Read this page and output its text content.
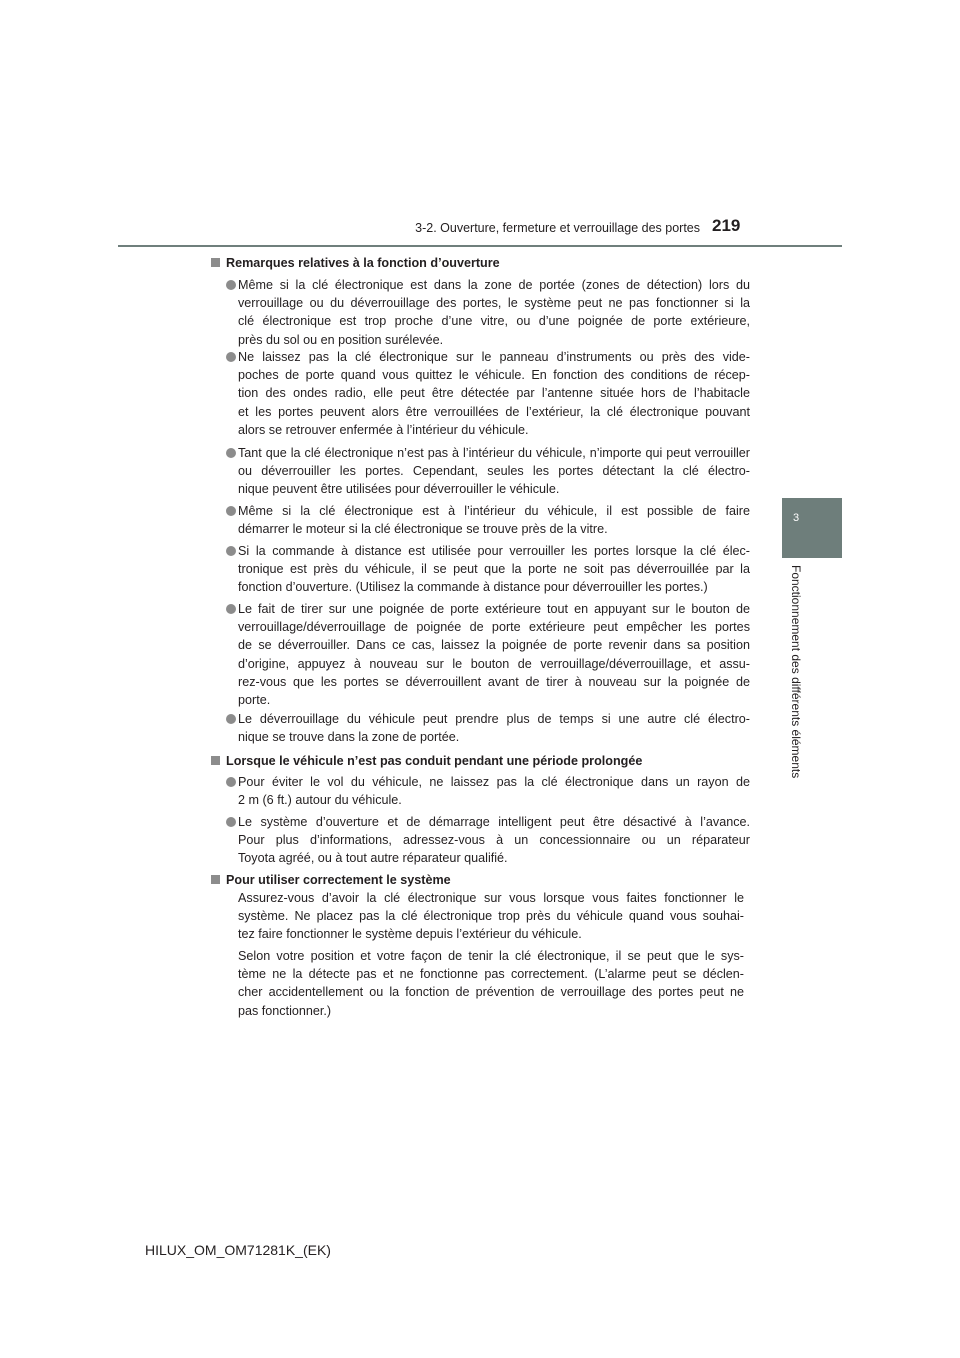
3-2. Ouverture, fermeture et verrouillage des portes 219
3
Fonctionnement des différents éléments
Remarques relatives à la fonction d’ouverture
Même si la clé électronique est dans la zone de portée (zones de détection) lors du
verrouillage ou du déverrouillage des portes, le système peut ne pas fonctionner si la
clé électronique est trop proche d’une vitre, ou d’une poignée de porte extérieure,
près du sol ou en position surélevée.
Ne laissez pas la clé électronique sur le panneau d’instruments ou près des vide-
poches de porte quand vous quittez le véhicule. En fonction des conditions de récep-
tion des ondes radio, elle peut être détectée par l’antenne située hors de l’habitacle
et les portes peuvent alors être verrouillées de l’extérieur, la clé électronique pouvant
alors se retrouver enfermée à l’intérieur du véhicule.
Tant que la clé électronique n’est pas à l’intérieur du véhicule, n’importe qui peut verrouiller
ou déverrouiller les portes. Cependant, seules les portes détectant la clé électro-
nique peuvent être utilisées pour déverrouiller le véhicule.
Même si la clé électronique est à l’intérieur du véhicule, il est possible de faire
démarrer le moteur si la clé électronique se trouve près de la vitre.
Si la commande à distance est utilisée pour verrouiller les portes lorsque la clé élec-
tronique est près du véhicule, il se peut que la porte ne soit pas déverrouillée par la
fonction d’ouverture. (Utilisez la commande à distance pour déverrouiller les portes.)
Le fait de tirer sur une poignée de porte extérieure tout en appuyant sur le bouton de
verrouillage/déverrouillage de poignée de porte extérieure peut empêcher les portes
de se déverrouiller. Dans ce cas, laissez la poignée de porte revenir dans sa position
d’origine, appuyez à nouveau sur le bouton de verrouillage/déverrouillage, et assu-
rez-vous que les portes se déverrouillent avant de tirer à nouveau sur la poignée de
porte.
Le déverrouillage du véhicule peut prendre plus de temps si une autre clé électro-
nique se trouve dans la zone de portée.
Lorsque le véhicule n’est pas conduit pendant une période prolongée
Pour éviter le vol du véhicule, ne laissez pas la clé électronique dans un rayon de
2 m (6 ft.) autour du véhicule.
Le système d’ouverture et de démarrage intelligent peut être désactivé à l’avance.
Pour plus d’informations, adressez-vous à un concessionnaire ou un réparateur
Toyota agréé, ou à tout autre réparateur qualifié.
Pour utiliser correctement le système
Assurez-vous d’avoir la clé électronique sur vous lorsque vous faites fonctionner le
système. Ne placez pas la clé électronique trop près du véhicule quand vous souhai-
tez faire fonctionner le système depuis l’extérieur du véhicule.
Selon votre position et votre façon de tenir la clé électronique, il se peut que le sys-
tème ne la détecte pas et ne fonctionne pas correctement. (L’alarme peut se déclen-
cher accidentellement ou la fonction de prévention de verrouillage des portes peut ne
pas fonctionner.)
HILUX_OM_OM71281K_(EK)
